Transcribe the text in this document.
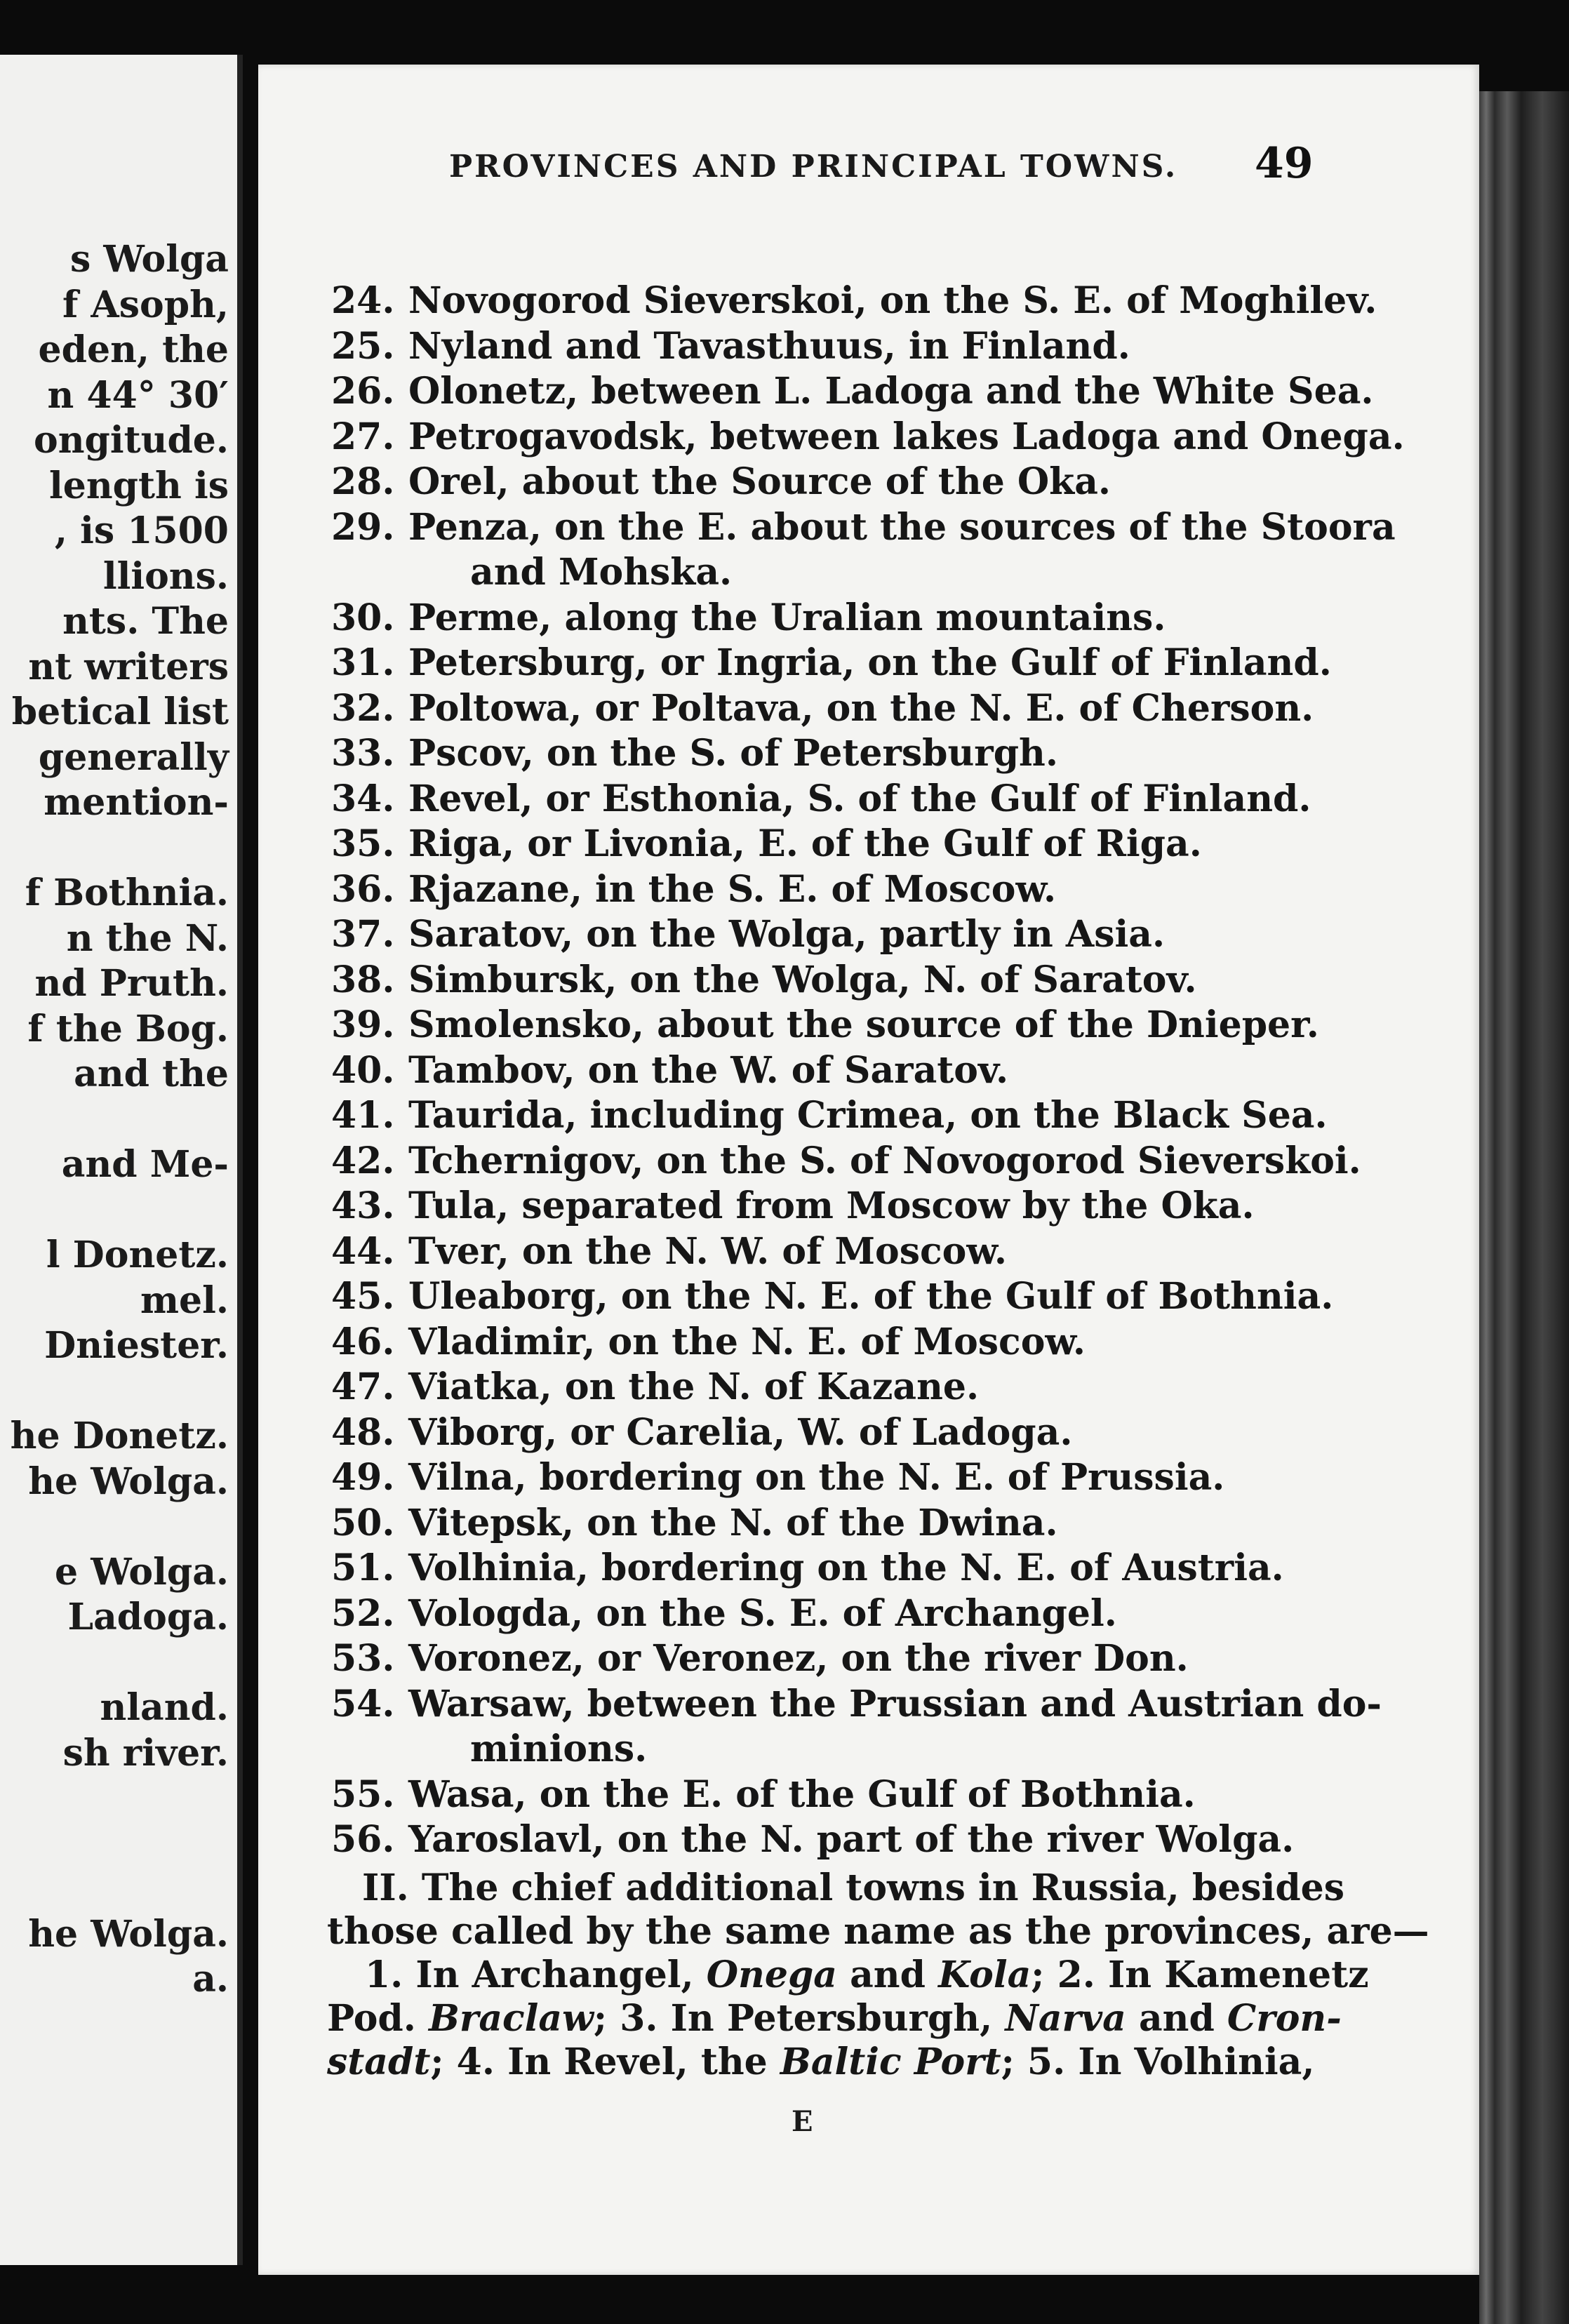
s Wolga
f Asoph,
eden, the
n 44° 30′
ongitude.
length is
, is 1500
llions.
nts. The
nt writers
betical list
generally
mention-
f Bothnia.
n the N.
nd Pruth.
f the Bog.
and the
and Me-
l Donetz.
mel.
Dniester.
he Donetz.
he Wolga.
e Wolga.
Ladoga.
nland.
sh river.
he Wolga.
a.
PROVINCES AND PRINCIPAL TOWNS. 49
24. Novogorod Sieverskoi, on the S. E. of Moghilev.
25. Nyland and Tavasthuus, in Finland.
26. Olonetz, between L. Ladoga and the White Sea.
27. Petrogavodsk, between lakes Ladoga and Onega.
28. Orel, about the Source of the Oka.
29. Penza, on the E. about the sources of the Stoora
and Mohska.
30. Perme, along the Uralian mountains.
31. Petersburg, or Ingria, on the Gulf of Finland.
32. Poltowa, or Poltava, on the N. E. of Cherson.
33. Pscov, on the S. of Petersburgh.
34. Revel, or Esthonia, S. of the Gulf of Finland.
35. Riga, or Livonia, E. of the Gulf of Riga.
36. Rjazane, in the S. E. of Moscow.
37. Saratov, on the Wolga, partly in Asia.
38. Simbursk, on the Wolga, N. of Saratov.
39. Smolensko, about the source of the Dnieper.
40. Tambov, on the W. of Saratov.
41. Taurida, including Crimea, on the Black Sea.
42. Tchernigov, on the S. of Novogorod Sieverskoi.
43. Tula, separated from Moscow by the Oka.
44. Tver, on the N. W. of Moscow.
45. Uleaborg, on the N. E. of the Gulf of Bothnia.
46. Vladimir, on the N. E. of Moscow.
47. Viatka, on the N. of Kazane.
48. Viborg, or Carelia, W. of Ladoga.
49. Vilna, bordering on the N. E. of Prussia.
50. Vitepsk, on the N. of the Dwina.
51. Volhinia, bordering on the N. E. of Austria.
52. Vologda, on the S. E. of Archangel.
53. Voronez, or Veronez, on the river Don.
54. Warsaw, between the Prussian and Austrian do-
minions.
55. Wasa, on the E. of the Gulf of Bothnia.
56. Yaroslavl, on the N. part of the river Wolga.
II. The chief additional towns in Russia, besides
those called by the same name as the provinces, are—
1. In Archangel, Onega and Kola; 2. In Kamenetz
Pod. Braclaw; 3. In Petersburgh, Narva and Cron-
stadt; 4. In Revel, the Baltic Port; 5. In Volhinia,
E
